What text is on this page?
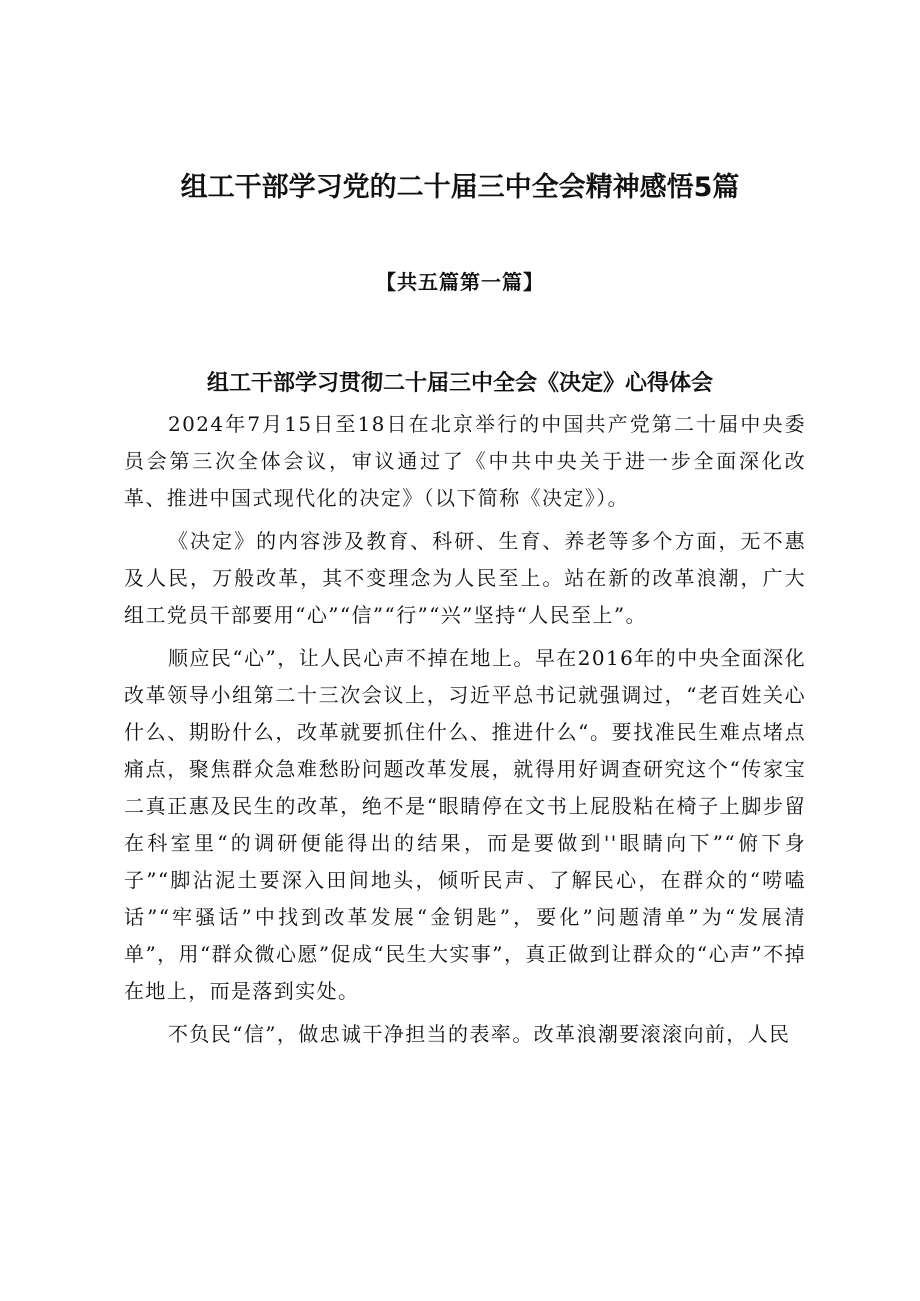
组工干部学习党的二十届三中全会精神感悟5篇
【共五篇第一篇】
组工干部学习贯彻二十届三中全会《决定》心得体会

2024年7月15日至18日在北京举行的中国共产党第二十届中央委员会第三次全体会议，审议通过了《中共中央关于进一步全面深化改革、推进中国式现代化的决定》（以下简称《决定》）。

《决定》的内容涉及教育、科研、生育、养老等多个方面，无不惠及人民，万般改革，其不变理念为人民至上。站在新的改革浪潮，广大组工党员干部要用“心”“信”“行”“兴”坚持“人民至上”。

顺应民“心”，让人民心声不掉在地上。早在2016年的中央全面深化改革领导小组第二十三次会议上，习近平总书记就强调过，“老百姓关心什么、期盼什么，改革就要抓住什么、推进什么“。要找准民生难点堵点痛点，聚焦群众急难愁盼问题改革发展，就得用好调查研究这个“传家宝二真正惠及民生的改革，绝不是“眼睛停在文书上屁股粘在椅子上脚步留在科室里“的调研便能得出的结果，而是要做到''眼睛向下”“俯下身子”“脚沾泥土要深入田间地头，倾听民声、了解民心，在群众的“唠嗑话”“牢骚话”中找到改革发展“金钥匙”，要化”问题清单”为“发展清单”，用“群众微心愿”促成“民生大实事”，真正做到让群众的“心声”不掉在地上，而是落到实处。

不负民“信”，做忠诚干净担当的表率。改革浪潮要滚滚向前，人民
